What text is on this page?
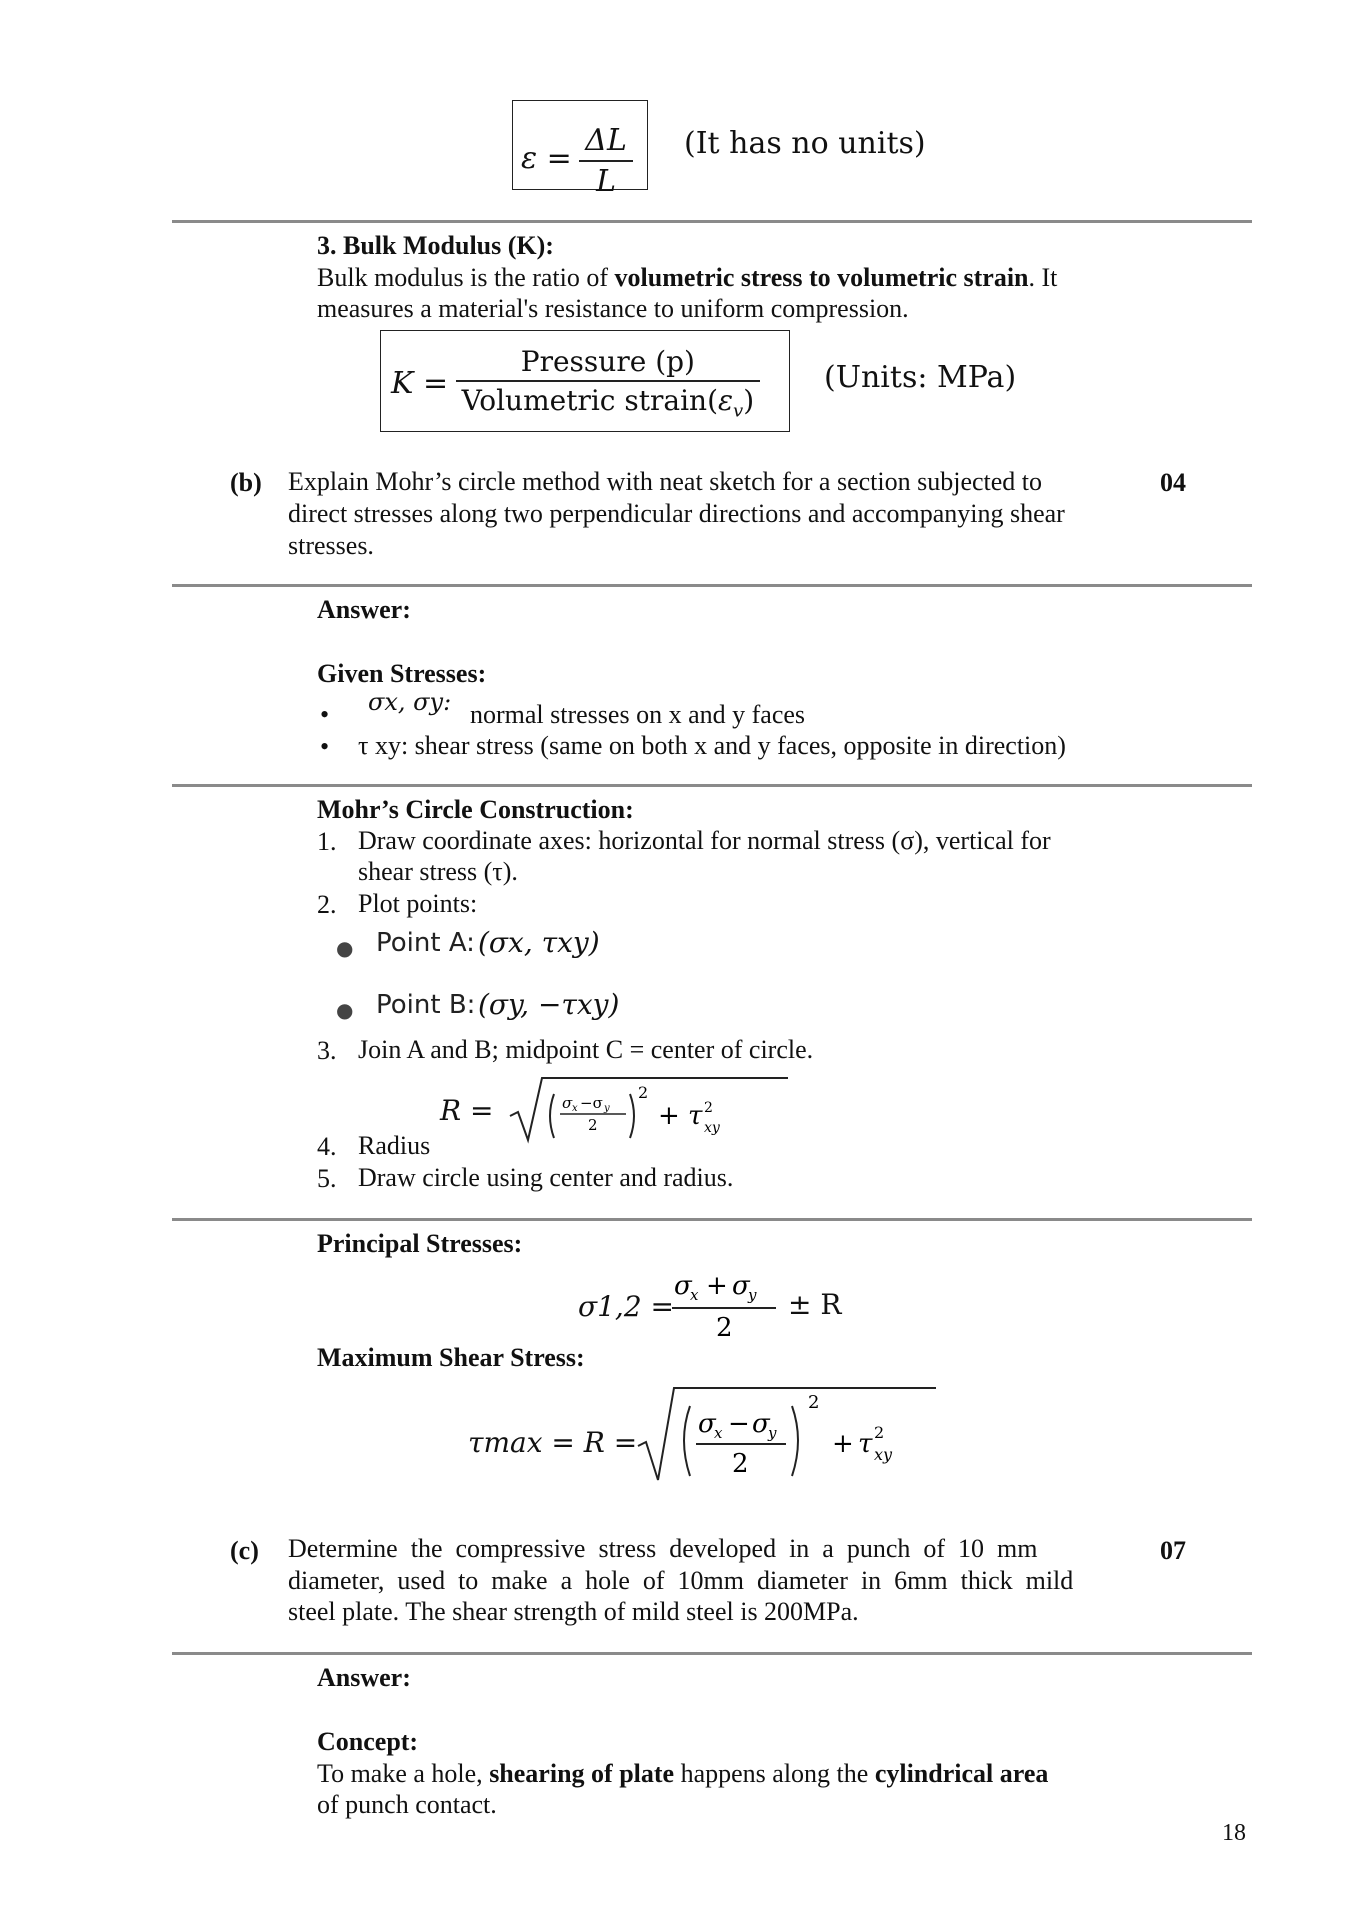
$\varepsilon = \frac{\Delta L}{L} (It$ has no units)
3. Bulk Modulus (K):
Bulk modulus is the ratio of volumetric stress to volumetric strain. It
measures a material's resistance to uniform compression.
$K = \frac{\text{Pressure (p)}}{Volumetric strain(\varepsilon_v)}$ (Units: MPa)
(b) Explain Mohr’s circle method with neat sketch for a section subjected to direct stresses along two perpendicular directions and accompanying shear stresses.
04
Answer:
Given Stresses:
• σx, σy: normal stresses on x and y faces
• τ xy: shear stress (same on both x and y faces, opposite in direction)
Mohr’s Circle Construction:
1. Draw coordinate axes: horizontal for normal stress (σ), vertical for
shear stress (τ).
2. Plot points:
● Point A: (σx, τxy)
● Point B: (σy, −τxy)
3. Join A and B; midpoint C = center of circle.
R =	σ x −σ y
2
2
+ τ 2
xy
4. Radius
5. Draw circle using center and radius.
Principal Stresses:
σ1,2 =
σ
x + σ
y
2
± R
Maximum Shear Stress:
τmax = R =
σ
x − σ
y
2
2
+ τ 2
xy
(c) Determine  the  compressive  stress  developed  in  a  punch  of  10  mm
diameter,  used  to  make  a  hole  of  10mm  diameter  in  6mm  thick  mild
steel plate. The shear strength of mild steel is 200MPa.
07
Answer:
Concept:
To make a hole, shearing of plate happens along the cylindrical area
of punch contact.
18
